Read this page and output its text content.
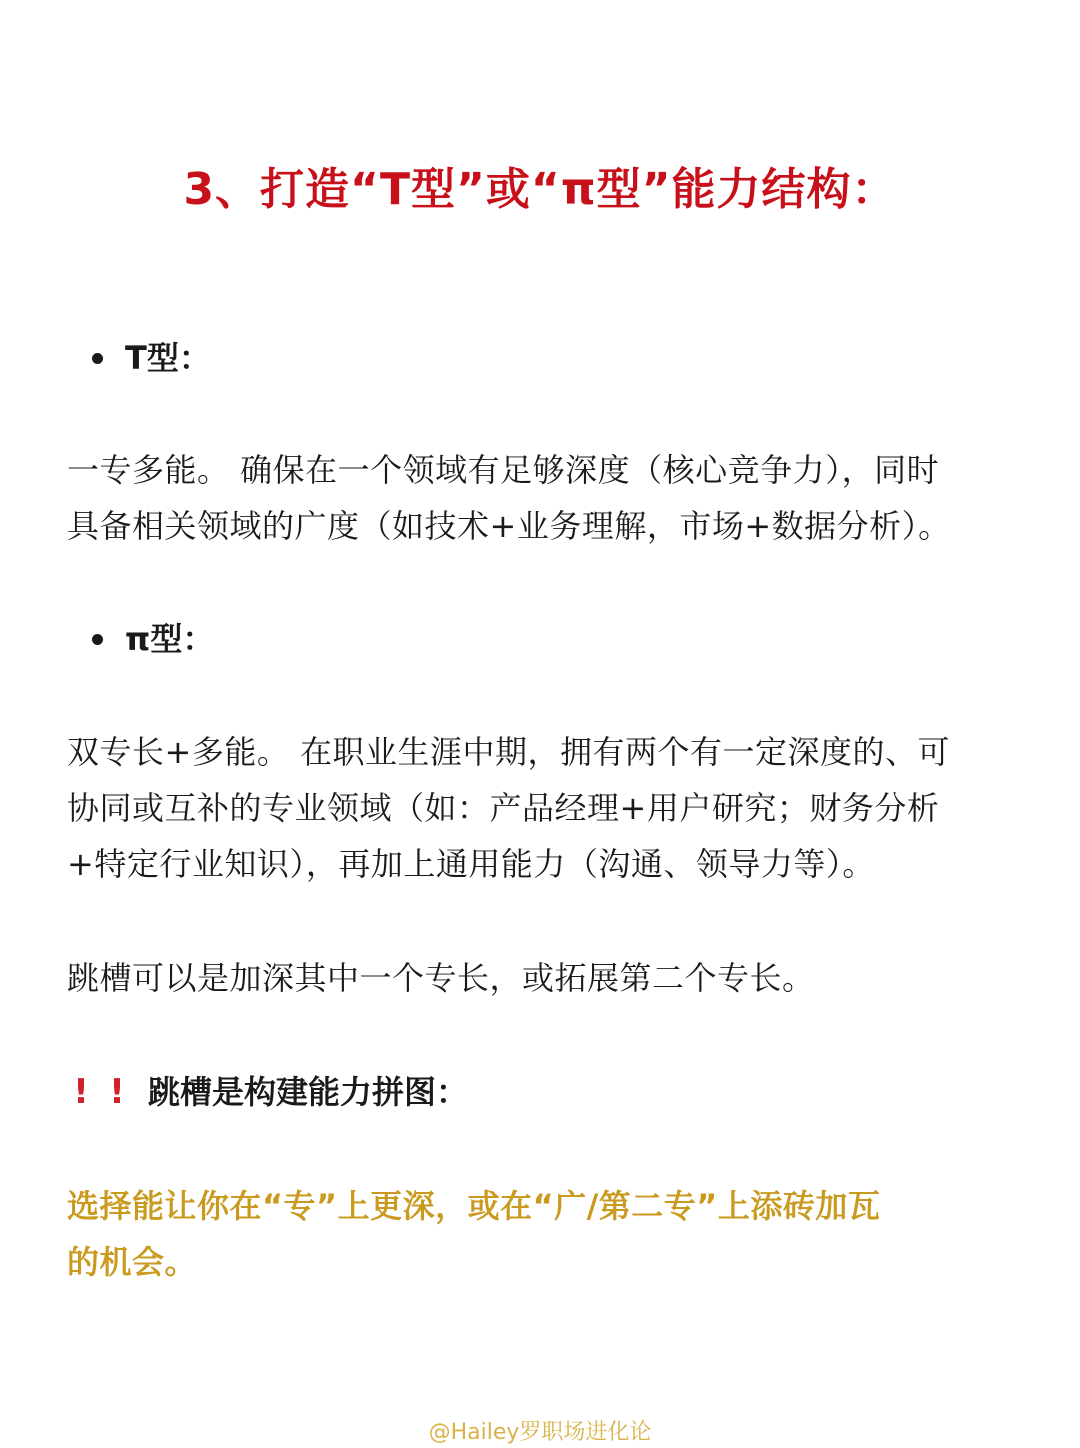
3、打造“T型”或“π型”能力结构：
T型：
一专多能。 确保在一个领域有足够深度（核心竞争力），同时
具备相关领域的广度（如技术+业务理解，市场+数据分析）。
π型：
双专长+多能。 在职业生涯中期，拥有两个有一定深度的、可
协同或互补的专业领域（如：产品经理+用户研究；财务分析
+特定行业知识），再加上通用能力（沟通、领导力等）。
跳槽可以是加深其中一个专长，或拓展第二个专长。
! ! 跳槽是构建能力拼图：
选择能让你在“专”上更深，或在“广/第二专”上添砖加瓦
的机会。
@Hailey罗职场进化论
